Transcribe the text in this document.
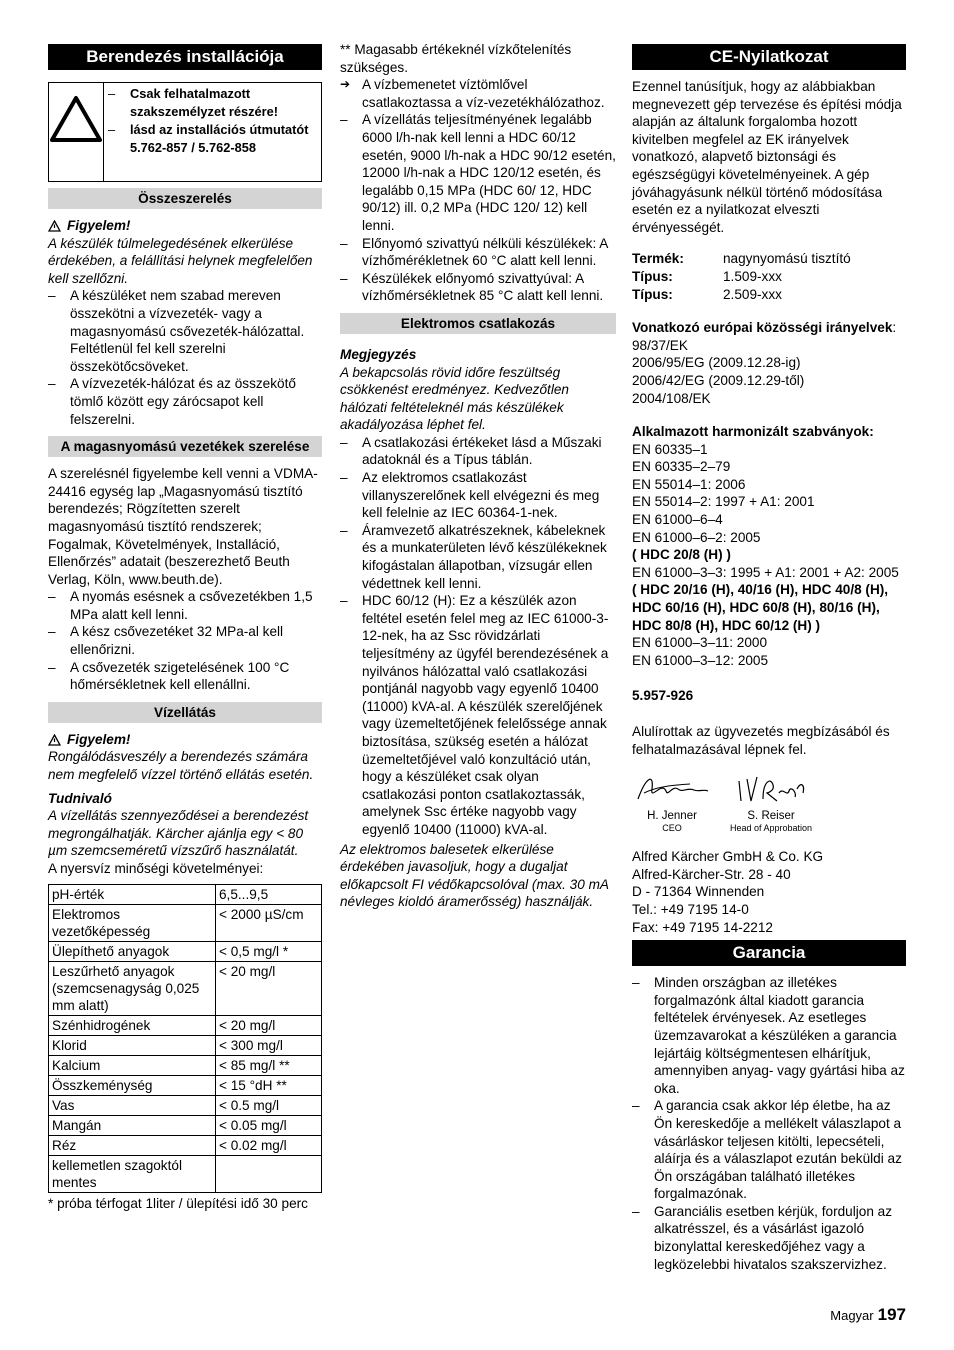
Berendezés installációja
– Csak felhatalmazott szakszemélyzet részére!
– lásd az installációs útmutatót 5.762-857 / 5.762-858
Összeszerelés
Figyelem!

A készülék túlmelegedésének elkerülése érdekében, a felállítási helynek megfelelően kell szellőzni.

– A készüléket nem szabad mereven összekötni a vízvezeték- vagy a magasnyomású csővezeték-hálózattal. Feltétlenül fel kell szerelni összekötőcsöveket.
– A vízvezeték-hálózat és az összekötő tömlő között egy zárócsapot kell felszerelni.
A magasnyomású vezetékek szerelése

A szerelésnél figyelembe kell venni a VDMA-24416 egység lap „Magasnyomású tisztító berendezés; Rögzítetten szerelt magasnyomású tisztító rendszerek; Fogalmak, Követelmények, Installáció, Ellenőrzés” adatait (beszerezhető Beuth Verlag, Köln, www.beuth.de).

– A nyomás esésnek a csővezetékben 1,5 MPa alatt kell lenni.
– A kész csővezetéket 32 MPa-al kell ellenőrizni.
– A csővezeték szigetelésének 100 °C hőmérsékletnek kell ellenállni.
Vízellátás
Figyelem!

Rongálódásveszély a berendezés számára nem megfelelő vízzel történő ellátás esetén.

Tudnivaló

A vízellátás szennyeződései a berendezést megrongálhatják. Kärcher ajánlja egy < 80 µm szemcseméretű vízszűrő használatát.

A nyersvíz minőségi követelményei:

pH-érték	6,5...9,5
Elektromos vezetőképesség	< 2000 µS/cm
Ülepíthető anyagok	< 0,5 mg/l *
Leszűrhető anyagok (szemcsenagyság 0,025 mm alatt)	< 20 mg/l
Szénhidrogének	< 20 mg/l
Klorid	< 300 mg/l
Kalcium	< 85 mg/l **
Összkeménység	< 15 °dH **
Vas	< 0.5 mg/l
Mangán	< 0.05 mg/l
Réz	< 0.02 mg/l
kellemetlen szagoktól mentes	

* próba térfogat 1liter / ülepítési idő 30 perc

** Magasabb értékeknél vízkőtelenítés szükséges.

➔ A vízbemenetet víztömlővel csatlakoztassa a víz-vezetékhálózathoz.
– A vízellátás teljesítményének legalább 6000 l/h-nak kell lenni a HDC 60/12 esetén, 9000 l/h-nak a HDC 90/12 esetén, 12000 l/h-nak a HDC 120/12 esetén, és legalább 0,15 MPa (HDC 60/ 12, HDC 90/12) ill. 0,2 MPa (HDC 120/ 12) kell lenni.
– Előnyomó szivattyú nélküli készülékek: A vízhőmérékletnek 60 °C alatt kell lenni.
– Készülékek előnyomó szivattyúval: A vízhőmérsékletnek 85 °C alatt kell lenni.
Elektromos csatlakozás

Megjegyzés

A bekapcsolás rövid időre feszültség csökkenést eredményez. Kedvezőtlen hálózati feltételeknél más készülékek akadályozása léphet fel.

– A csatlakozási értékeket lásd a Műszaki adatoknál és a Típus táblán.
– Az elektromos csatlakozást villanyszerelőnek kell elvégezni és meg kell felelnie az IEC 60364-1-nek.
– Áramvezető alkatrészeknek, kábeleknek és a munkaterületen lévő készülékeknek kifogástalan állapotban, vízsugár ellen védettnek kell lenni.
– HDC 60/12 (H): Ez a készülék azon feltétel esetén felel meg az IEC 61000-3-12-nek, ha az Ssc rövidzárlati teljesítmény az ügyfél berendezésének a nyilvános hálózattal való csatlakozási pontjánál nagyobb vagy egyenlő 10400 (11000) kVA-al. A készülék szerelőjének vagy üzemeltetőjének felelőssége annak biztosítása, szükség esetén a hálózat üzemeltetőjével való konzultáció után, hogy a készüléket csak olyan csatlakozási ponton csatlakoztassák, amelynek Ssc értéke nagyobb vagy egyenlő 10400 (11000) kVA-al.

Az elektromos balesetek elkerülése érdekében javasoljuk, hogy a dugaljat előkapcsolt FI védőkapcsolóval (max. 30 mA névleges kioldó áramerősség) használják.

CE-Nyilatkozat

Ezennel tanúsítjuk, hogy az alábbiakban megnevezett gép tervezése és építési módja alapján az általunk forgalomba hozott kivitelben megfelel az EK irányelvek vonatkozó, alapvető biztonsági és egészségügyi követelményeinek. A gép jóváhagyásunk nélkül történő módosítása esetén ez a nyilatkozat elveszti érvényességét.

Termék:	nagynyomású tisztító
Típus:	1.509-xxx
Típus:	2.509-xxx

Vonatkozó európai közösségi irányelvek:

98/37/EK

2006/95/EG (2009.12.28-ig)

2006/42/EG (2009.12.29-től)

2004/108/EK

Alkalmazott harmonizált szabványok:

EN 60335–1

EN 60335–2–79

EN 55014–1: 2006

EN 55014–2: 1997 + A1: 2001

EN 61000–6–4

EN 61000–6–2: 2005

( HDC 20/8 (H) )

EN 61000–3–3: 1995 + A1: 2001 + A2: 2005

( HDC 20/16 (H), 40/16 (H), HDC 40/8 (H), HDC 60/16 (H), HDC 60/8 (H), 80/16 (H), HDC 80/8 (H), HDC 60/12 (H) )

EN 61000–3–11: 2000

EN 61000–3–12: 2005

5.957-926

Alulírottak az ügyvezetés megbízásából és felhatalmazásával lépnek fel.

H. Jenner
CEO
S. Reiser
Head of Approbation

Alfred Kärcher GmbH & Co. KG

Alfred-Kärcher-Str. 28 - 40

D - 71364 Winnenden

Tel.: +49 7195 14-0

Fax: +49 7195 14-2212

Garancia
– Minden országban az illetékes forgalmazónk által kiadott garancia feltételek érvényesek. Az esetleges üzemzavarokat a készüléken a garancia lejártáig költségmentesen elhárítjuk, amennyiben anyag- vagy gyártási hiba az oka.
– A garancia csak akkor lép életbe, ha az Ön kereskedője a mellékelt válaszlapot a vásárláskor teljesen kitölti, lepecsételi, aláírja és a válaszlapot ezután beküldi az Ön országában található illetékes forgalmazónak.
– Garanciális esetben kérjük, forduljon az alkatrésszel, és a vásárlást igazoló bizonylattal kereskedőjéhez vagy a legközelebbi hivatalos szakszervizhez.
Magyar 197
